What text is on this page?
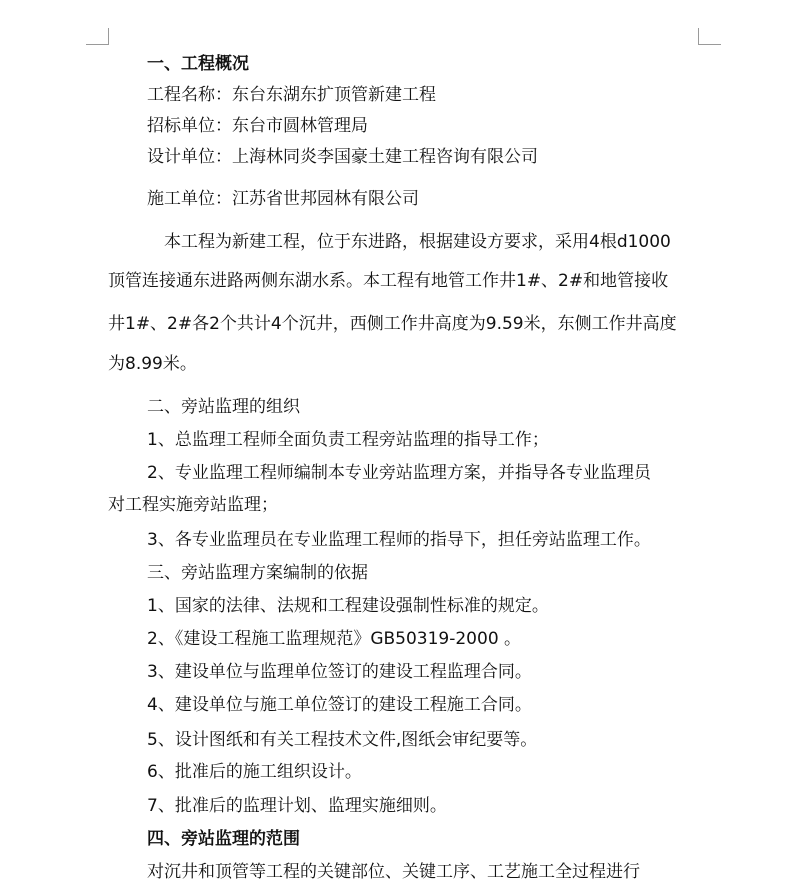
一、工程概况

工程名称：东台东湖东扩顶管新建工程

招标单位：东台市圆林管理局

设计单位：上海林同炎李国豪土建工程咨询有限公司

施工单位：江苏省世邦园林有限公司

本工程为新建工程，位于东进路，根据建设方要求，采用4根d1000

顶管连接通东进路两侧东湖水系。本工程有地管工作井1#、2#和地管接收

井1#、2#各2个共计4个沉井，西侧工作井高度为9.59米，东侧工作井高度

为8.99米。

二、旁站监理的组织

1、总监理工程师全面负责工程旁站监理的指导工作；

2、专业监理工程师编制本专业旁站监理方案，并指导各专业监理员

对工程实施旁站监理；

3、各专业监理员在专业监理工程师的指导下，担任旁站监理工作。

三、旁站监理方案编制的依据

1、国家的法律、法规和工程建设强制性标准的规定。

2、《建设工程施工监理规范》GB50319-2000 。

3、建设单位与监理单位签订的建设工程监理合同。

4、建设单位与施工单位签订的建设工程施工合同。

5、设计图纸和有关工程技术文件,图纸会审纪要等。

6、批准后的施工组织设计。

7、批准后的监理计划、监理实施细则。

四、旁站监理的范围

对沉井和顶管等工程的关键部位、关键工序、工艺施工全过程进行
